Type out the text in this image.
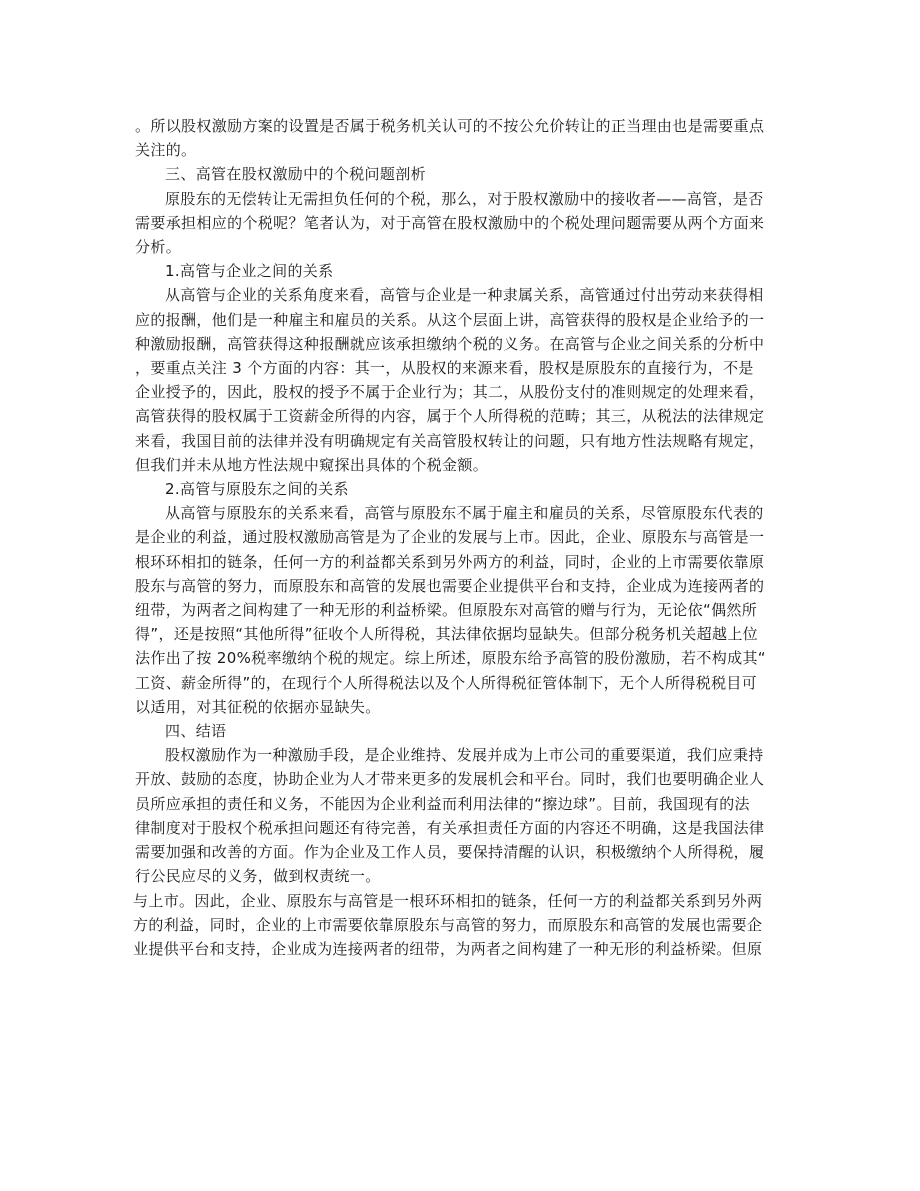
。所以股权激励方案的设置是否属于税务机关认可的不按公允价转让的正当理由也是需要重点
关注的。
三、高管在股权激励中的个税问题剖析
原股东的无偿转让无需担负任何的个税，那么，对于股权激励中的接收者——高管，是否
需要承担相应的个税呢？笔者认为，对于高管在股权激励中的个税处理问题需要从两个方面来
分析。
1.高管与企业之间的关系
从高管与企业的关系角度来看，高管与企业是一种隶属关系，高管通过付出劳动来获得相
应的报酬，他们是一种雇主和雇员的关系。从这个层面上讲，高管获得的股权是企业给予的一
种激励报酬，高管获得这种报酬就应该承担缴纳个税的义务。在高管与企业之间关系的分析中
，要重点关注 3 个方面的内容：其一，从股权的来源来看，股权是原股东的直接行为，不是
企业授予的，因此，股权的授予不属于企业行为；其二，从股份支付的准则规定的处理来看，
高管获得的股权属于工资薪金所得的内容，属于个人所得税的范畴；其三，从税法的法律规定
来看，我国目前的法律并没有明确规定有关高管股权转让的问题，只有地方性法规略有规定，
但我们并未从地方性法规中窥探出具体的个税金额。
2.高管与原股东之间的关系
从高管与原股东的关系来看，高管与原股东不属于雇主和雇员的关系，尽管原股东代表的
是企业的利益，通过股权激励高管是为了企业的发展与上市。因此，企业、原股东与高管是一
根环环相扣的链条，任何一方的利益都关系到另外两方的利益，同时，企业的上市需要依靠原
股东与高管的努力，而原股东和高管的发展也需要企业提供平台和支持，企业成为连接两者的
纽带，为两者之间构建了一种无形的利益桥梁。但原股东对高管的赠与行为，无论依“偶然所
得”，还是按照“其他所得”征收个人所得税，其法律依据均显缺失。但部分税务机关超越上位
法作出了按 20%税率缴纳个税的规定。综上所述，原股东给予高管的股份激励，若不构成其“
工资、薪金所得”的，在现行个人所得税法以及个人所得税征管体制下，无个人所得税税目可
以适用，对其征税的依据亦显缺失。
四、结语
股权激励作为一种激励手段，是企业维持、发展并成为上市公司的重要渠道，我们应秉持
开放、鼓励的态度，协助企业为人才带来更多的发展机会和平台。同时，我们也要明确企业人
员所应承担的责任和义务，不能因为企业利益而利用法律的“擦边球”。目前，我国现有的法
律制度对于股权个税承担问题还有待完善，有关承担责任方面的内容还不明确，这是我国法律
需要加强和改善的方面。作为企业及工作人员，要保持清醒的认识，积极缴纳个人所得税，履
行公民应尽的义务，做到权责统一。
与上市。因此，企业、原股东与高管是一根环环相扣的链条，任何一方的利益都关系到另外两
方的利益，同时，企业的上市需要依靠原股东与高管的努力，而原股东和高管的发展也需要企
业提供平台和支持，企业成为连接两者的纽带，为两者之间构建了一种无形的利益桥梁。但原
